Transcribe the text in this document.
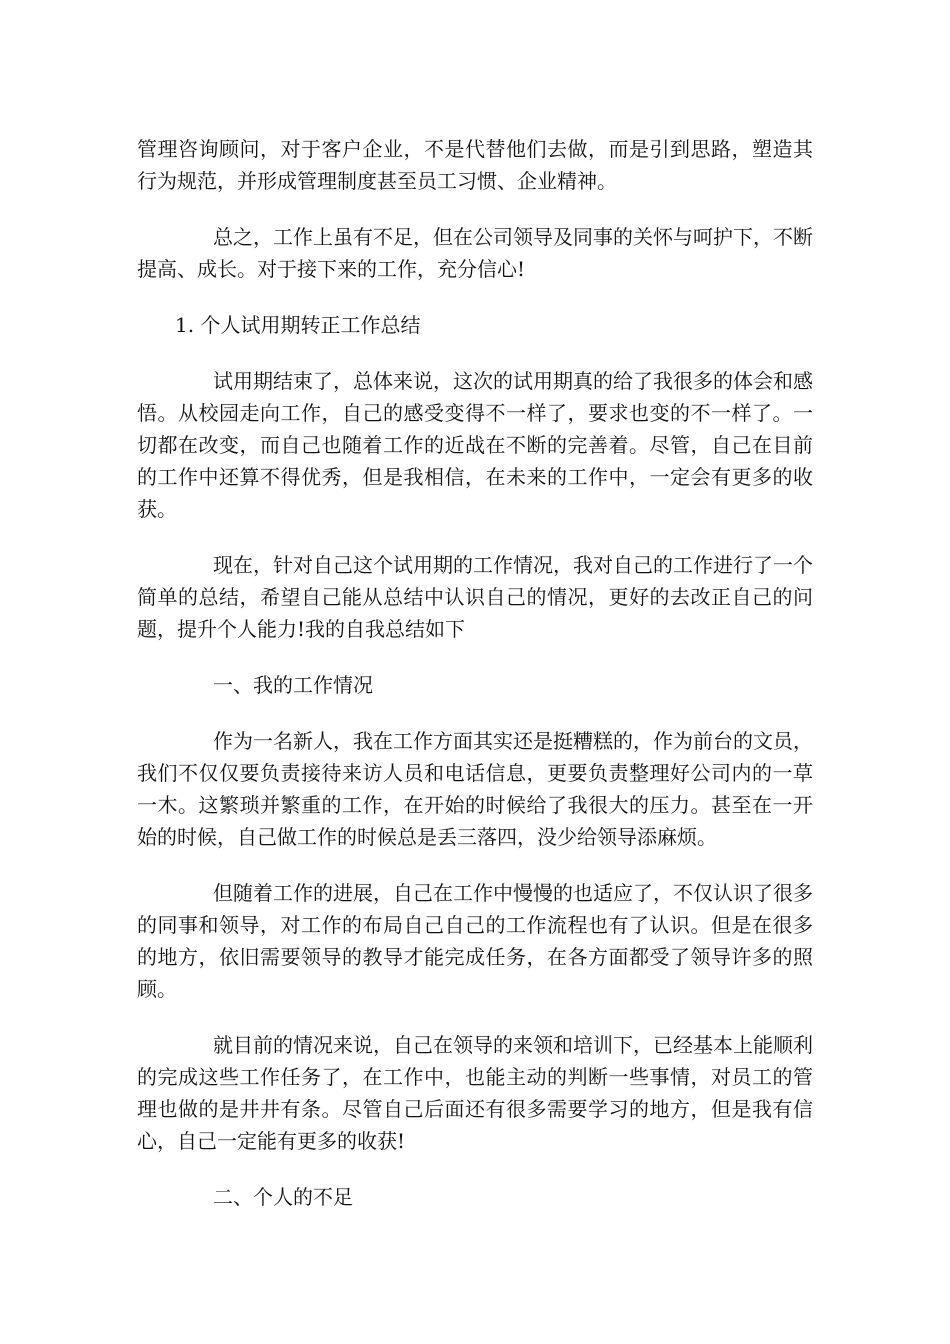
管理咨询顾问，对于客户企业，不是代替他们去做，而是引到思路，塑造其行为规范，并形成管理制度甚至员工习惯、企业精神。

总之，工作上虽有不足，但在公司领导及同事的关怀与呵护下，不断提高、成长。对于接下来的工作，充分信心!

1. 个人试用期转正工作总结

试用期结束了，总体来说，这次的试用期真的给了我很多的体会和感悟。从校园走向工作，自己的感受变得不一样了，要求也变的不一样了。一切都在改变，而自己也随着工作的近战在不断的完善着。尽管，自己在目前的工作中还算不得优秀，但是我相信，在未来的工作中，一定会有更多的收获。

现在，针对自己这个试用期的工作情况，我对自己的工作进行了一个简单的总结，希望自己能从总结中认识自己的情况，更好的去改正自己的问题，提升个人能力!我的自我总结如下

一、我的工作情况

作为一名新人，我在工作方面其实还是挺糟糕的，作为前台的文员，我们不仅仅要负责接待来访人员和电话信息，更要负责整理好公司内的一草一木。这繁琐并繁重的工作，在开始的时候给了我很大的压力。甚至在一开始的时候，自己做工作的时候总是丢三落四，没少给领导添麻烦。

但随着工作的进展，自己在工作中慢慢的也适应了，不仅认识了很多的同事和领导，对工作的布局自己自己的工作流程也有了认识。但是在很多的地方，依旧需要领导的教导才能完成任务，在各方面都受了领导许多的照顾。

就目前的情况来说，自己在领导的来领和培训下，已经基本上能顺利的完成这些工作任务了，在工作中，也能主动的判断一些事情，对员工的管理也做的是井井有条。尽管自己后面还有很多需要学习的地方，但是我有信心，自己一定能有更多的收获!

二、个人的不足
